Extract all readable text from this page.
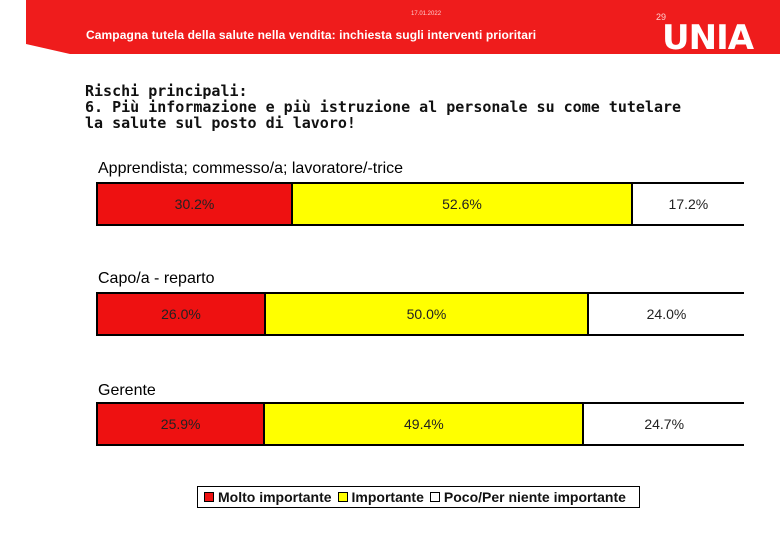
17.01.2022	29
Campagna tutela della salute nella vendita: inchiesta sugli interventi prioritari	UNIA
Rischi principali:
6. Più informazione e più istruzione al personale su come tutelare
la salute sul posto di lavoro!
Apprendista; commesso/a; lavoratore/-trice
30.2%	52.6%	17.2%
Capo/a - reparto
26.0%	50.0%	24.0%
Gerente
25.9%	49.4%	24.7%
Molto importante Importante Poco/Per niente importante
